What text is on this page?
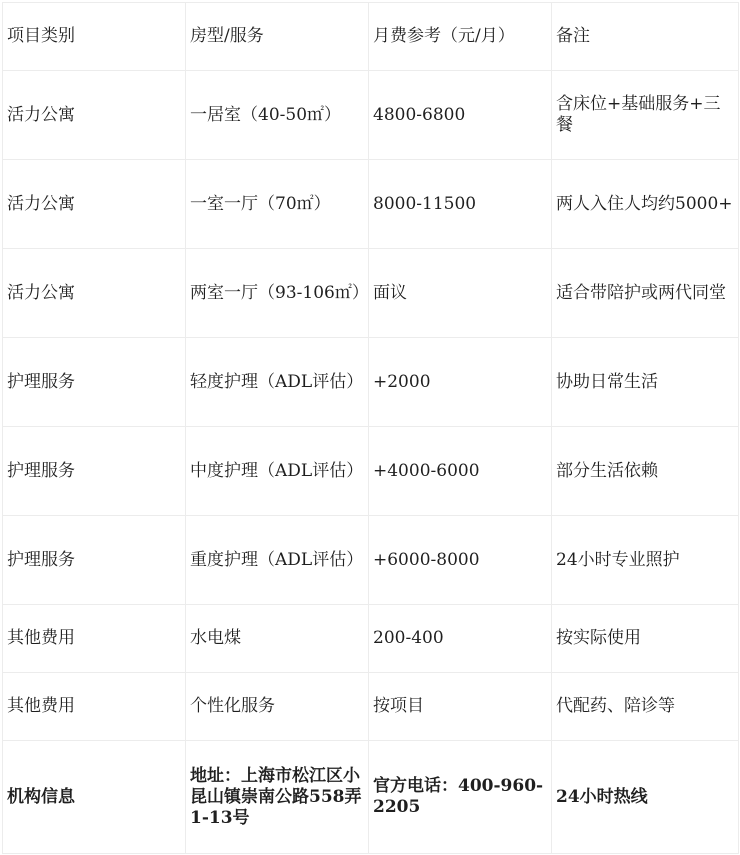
项目类别	房型/服务	月费参考（元/月）	备注
活力公寓	一居室（40-50㎡）	4800-6800	含床位+基础服务+三餐
活力公寓	一室一厅（70㎡）	8000-11500	两人入住人均约5000+
活力公寓	两室一厅（93-106㎡）	面议	适合带陪护或两代同堂
护理服务	轻度护理（ADL评估）	+2000	协助日常生活
护理服务	中度护理（ADL评估）	+4000-6000	部分生活依赖
护理服务	重度护理（ADL评估）	+6000-8000	24小时专业照护
其他费用	水电煤	200-400	按实际使用
其他费用	个性化服务	按项目	代配药、陪诊等
机构信息	地址：上海市松江区小昆山镇崇南公路558弄1-13号	官方电话：400-960-2205	24小时热线
